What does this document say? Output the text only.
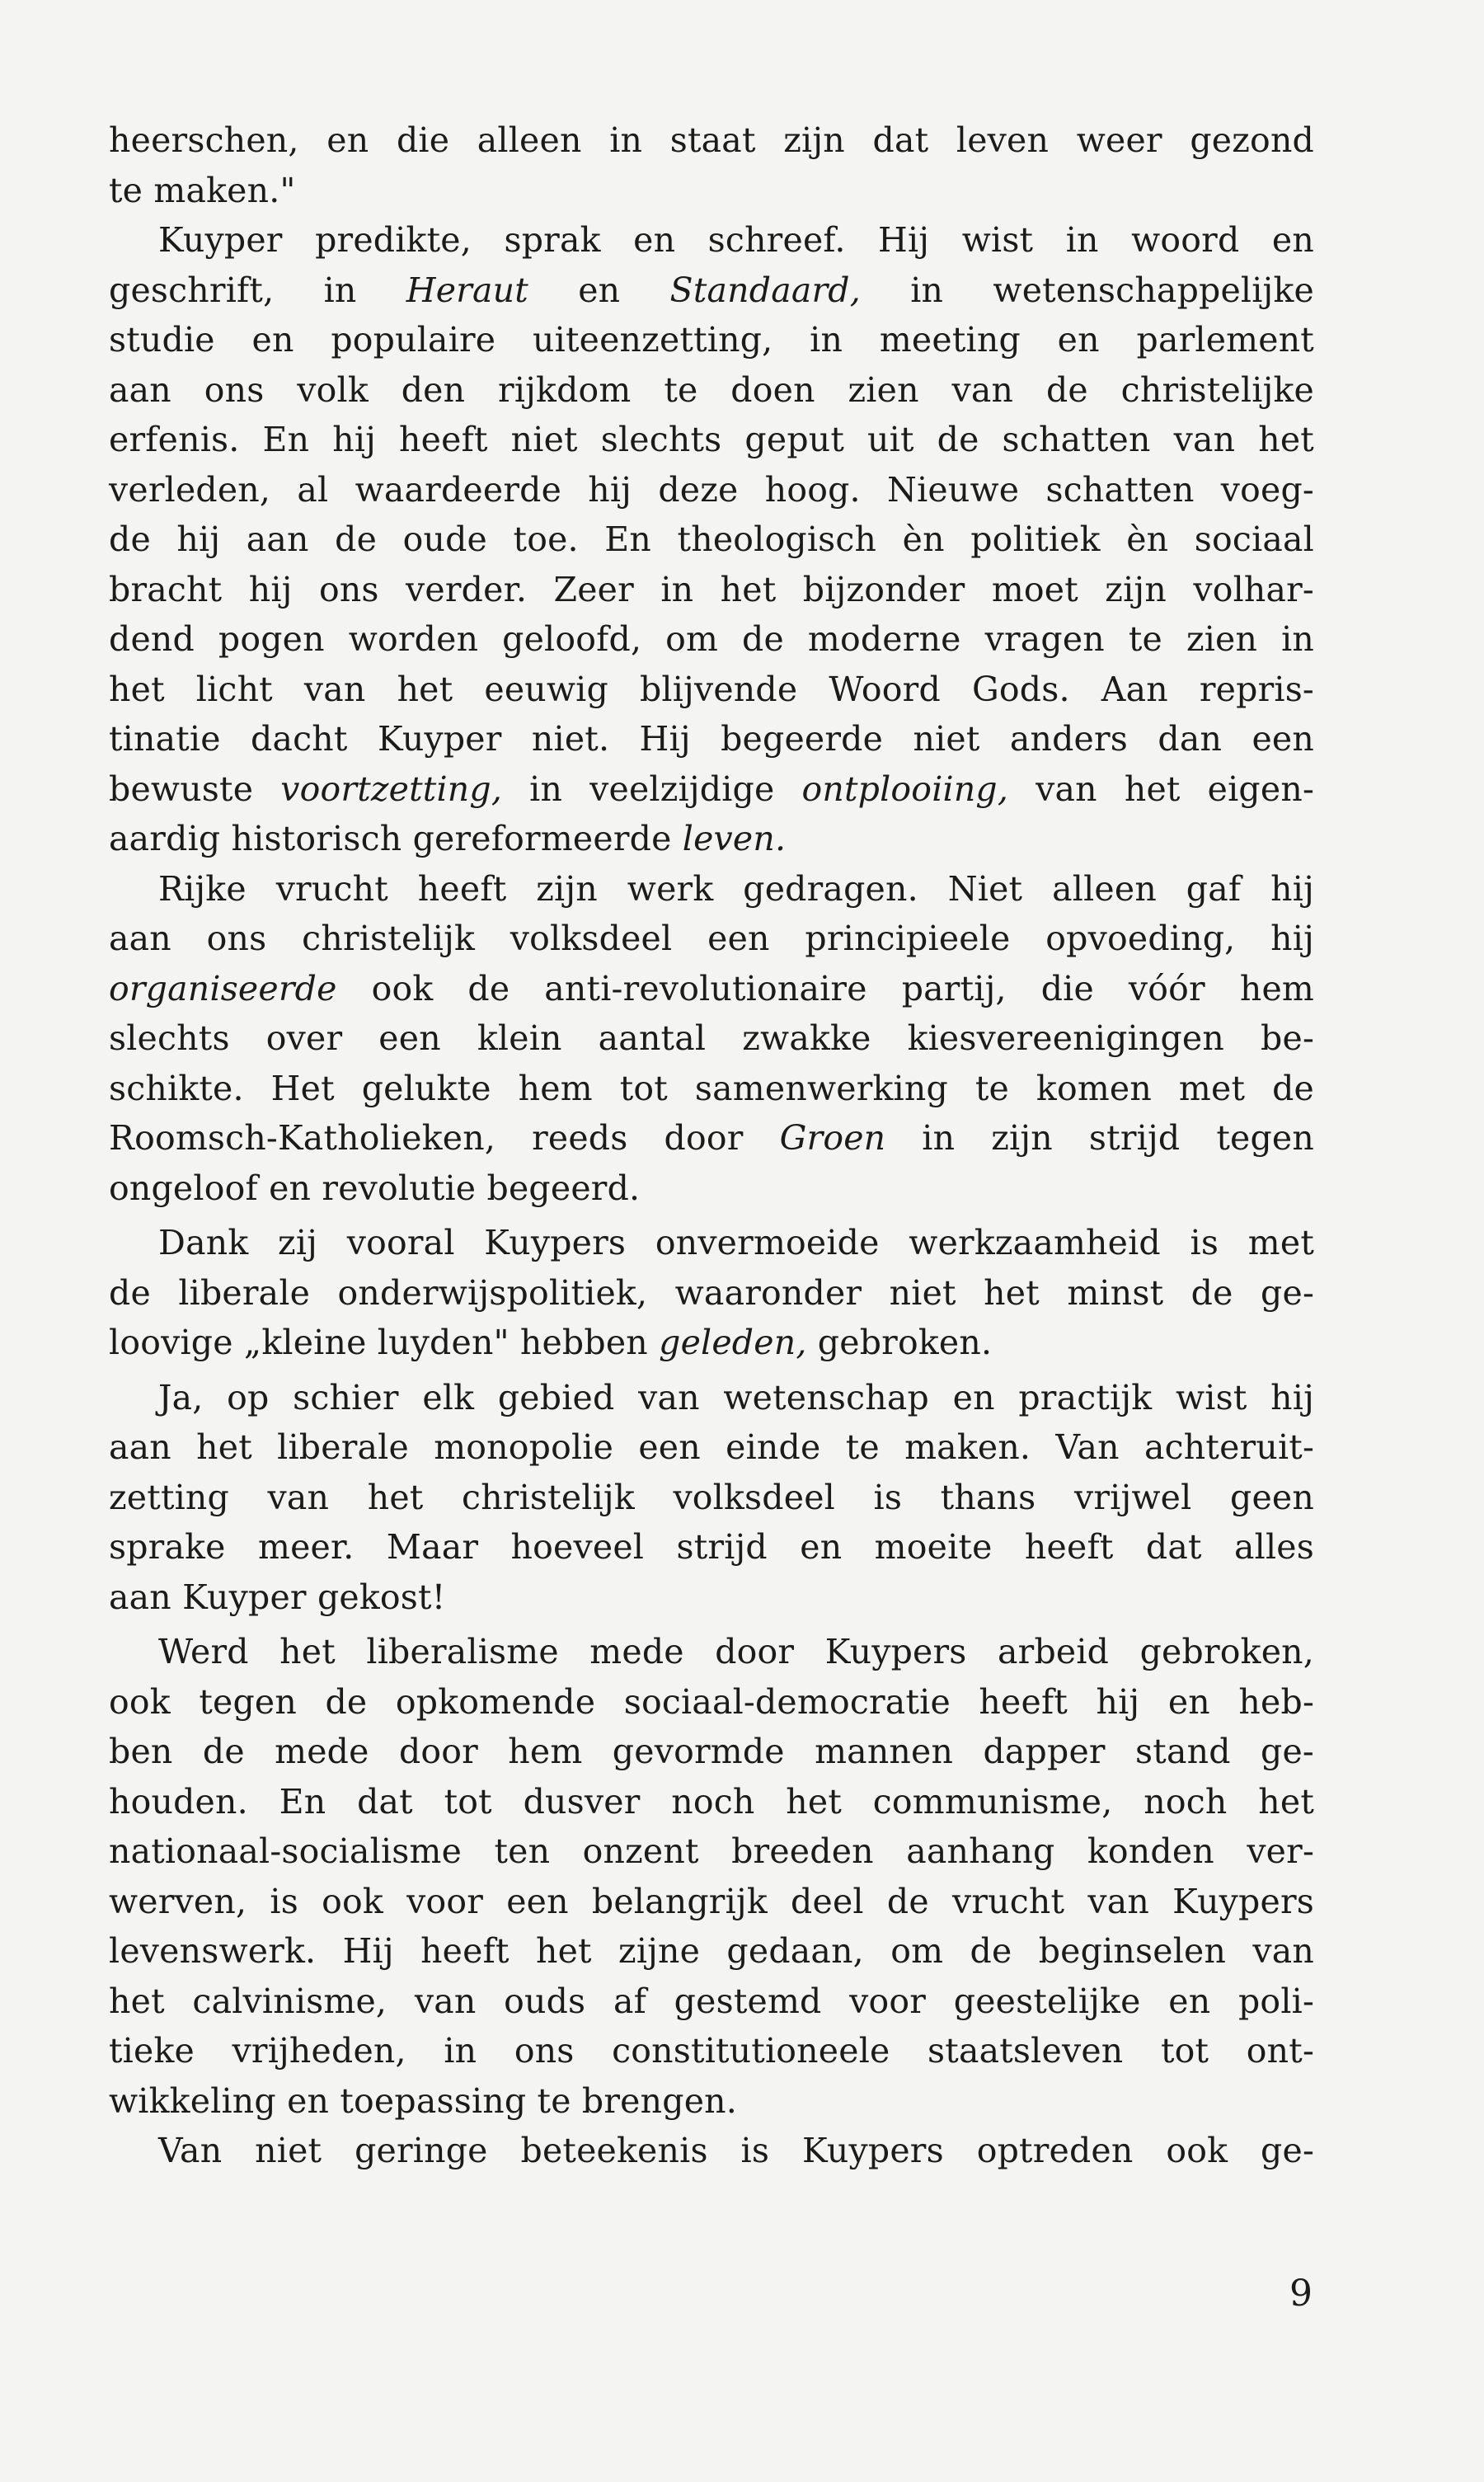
heerschen, en die alleen in staat zijn dat leven weer gezond
te maken."
Kuyper predikte, sprak en schreef. Hij wist in woord en
geschrift, in Heraut en Standaard, in wetenschappelijke
studie en populaire uiteenzetting, in meeting en parlement
aan ons volk den rijkdom te doen zien van de christelijke
erfenis. En hij heeft niet slechts geput uit de schatten van het
verleden, al waardeerde hij deze hoog. Nieuwe schatten voeg-
de hij aan de oude toe. En theologisch èn politiek èn sociaal
bracht hij ons verder. Zeer in het bijzonder moet zijn volhar-
dend pogen worden geloofd, om de moderne vragen te zien in
het licht van het eeuwig blijvende Woord Gods. Aan repris-
tinatie dacht Kuyper niet. Hij begeerde niet anders dan een
bewuste voortzetting, in veelzijdige ontplooiing, van het eigen-
aardig historisch gereformeerde leven.
Rijke vrucht heeft zijn werk gedragen. Niet alleen gaf hij
aan ons christelijk volksdeel een principieele opvoeding, hij
organiseerde ook de anti-revolutionaire partij, die vóór hem
slechts over een klein aantal zwakke kiesvereenigingen be-
schikte. Het gelukte hem tot samenwerking te komen met de
Roomsch-Katholieken, reeds door Groen in zijn strijd tegen
ongeloof en revolutie begeerd.
Dank zij vooral Kuypers onvermoeide werkzaamheid is met
de liberale onderwijspolitiek, waaronder niet het minst de ge-
loovige „kleine luyden" hebben geleden, gebroken.
Ja, op schier elk gebied van wetenschap en practijk wist hij
aan het liberale monopolie een einde te maken. Van achteruit-
zetting van het christelijk volksdeel is thans vrijwel geen
sprake meer. Maar hoeveel strijd en moeite heeft dat alles
aan Kuyper gekost!
Werd het liberalisme mede door Kuypers arbeid gebroken,
ook tegen de opkomende sociaal-democratie heeft hij en heb-
ben de mede door hem gevormde mannen dapper stand ge-
houden. En dat tot dusver noch het communisme, noch het
nationaal-socialisme ten onzent breeden aanhang konden ver-
werven, is ook voor een belangrijk deel de vrucht van Kuypers
levenswerk. Hij heeft het zijne gedaan, om de beginselen van
het calvinisme, van ouds af gestemd voor geestelijke en poli-
tieke vrijheden, in ons constitutioneele staatsleven tot ont-
wikkeling en toepassing te brengen.
Van niet geringe beteekenis is Kuypers optreden ook ge-
9
